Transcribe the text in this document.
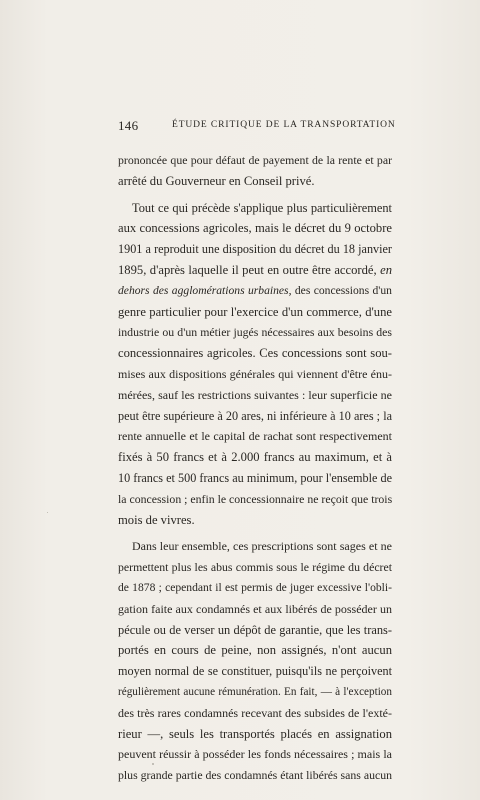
146	ÉTUDE CRITIQUE DE LA TRANSPORTATION
prononcée que pour défaut de payement de la rente et par
arrêté du Gouverneur en Conseil privé.
Tout ce qui précède s'applique plus particulièrement
aux concessions agricoles, mais le décret du 9 octobre
1901 a reproduit une disposition du décret du 18 janvier
1895, d'après laquelle il peut en outre être accordé, en
dehors des agglomérations urbaines, des concessions d'un
genre particulier pour l'exercice d'un commerce, d'une
industrie ou d'un métier jugés nécessaires aux besoins des
concessionnaires agricoles. Ces concessions sont sou-
mises aux dispositions générales qui viennent d'être énu-
mérées, sauf les restrictions suivantes : leur superficie ne
peut être supérieure à 20 ares, ni inférieure à 10 ares ; la
rente annuelle et le capital de rachat sont respectivement
fixés à 50 francs et à 2.000 francs au maximum, et à
10 francs et 500 francs au minimum, pour l'ensemble de
la concession ; enfin le concessionnaire ne reçoit que trois
mois de vivres.
Dans leur ensemble, ces prescriptions sont sages et ne
permettent plus les abus commis sous le régime du décret
de 1878 ; cependant il est permis de juger excessive l'obli-
gation faite aux condamnés et aux libérés de posséder un
pécule ou de verser un dépôt de garantie, que les trans-
portés en cours de peine, non assignés, n'ont aucun
moyen normal de se constituer, puisqu'ils ne perçoivent
régulièrement aucune rémunération. En fait, — à l'exception
des très rares condamnés recevant des subsides de l'exté-
rieur —, seuls les transportés placés en assignation
peuvent réussir à posséder les fonds nécessaires ; mais la
plus grande partie des condamnés étant libérés sans aucun
